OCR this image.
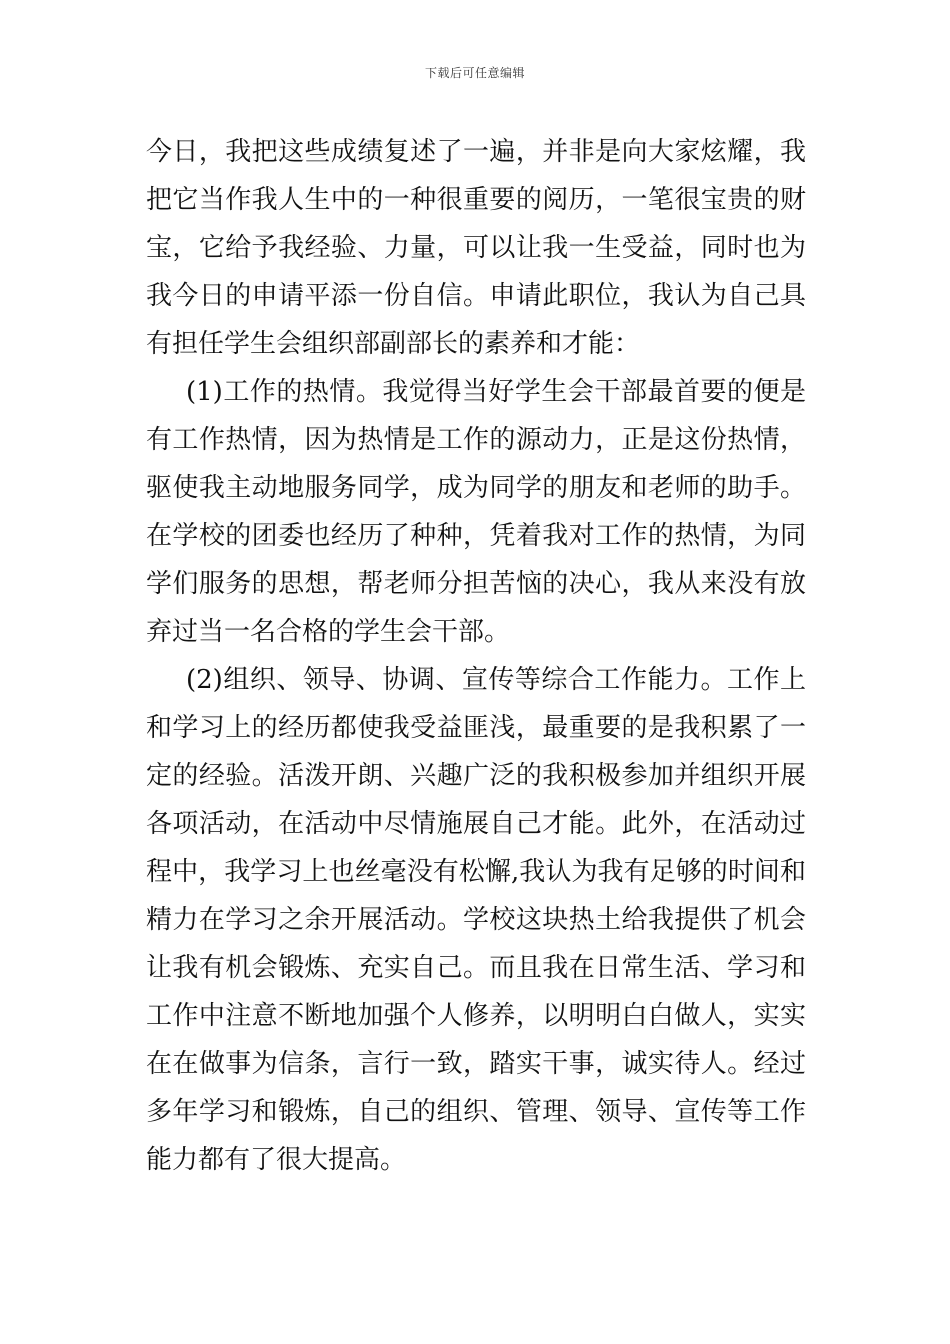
下载后可任意编辑
今日，我把这些成绩复述了一遍，并非是向大家炫耀，我
把它当作我人生中的一种很重要的阅历，一笔很宝贵的财
宝，它给予我经验、力量，可以让我一生受益，同时也为
我今日的申请平添一份自信。申请此职位，我认为自己具
有担任学生会组织部副部长的素养和才能：
(1)工作的热情。我觉得当好学生会干部最首要的便是
有工作热情，因为热情是工作的源动力，正是这份热情，
驱使我主动地服务同学，成为同学的朋友和老师的助手。
在学校的团委也经历了种种，凭着我对工作的热情，为同
学们服务的思想，帮老师分担苦恼的决心，我从来没有放
弃过当一名合格的学生会干部。
(2)组织、领导、协调、宣传等综合工作能力。工作上
和学习上的经历都使我受益匪浅，最重要的是我积累了一
定的经验。活泼开朗、兴趣广泛的我积极参加并组织开展
各项活动，在活动中尽情施展自己才能。此外，在活动过
程中，我学习上也丝毫没有松懈,我认为我有足够的时间和
精力在学习之余开展活动。学校这块热土给我提供了机会
让我有机会锻炼、充实自己。而且我在日常生活、学习和
工作中注意不断地加强个人修养，以明明白白做人，实实
在在做事为信条，言行一致，踏实干事，诚实待人。经过
多年学习和锻炼，自己的组织、管理、领导、宣传等工作
能力都有了很大提高。
